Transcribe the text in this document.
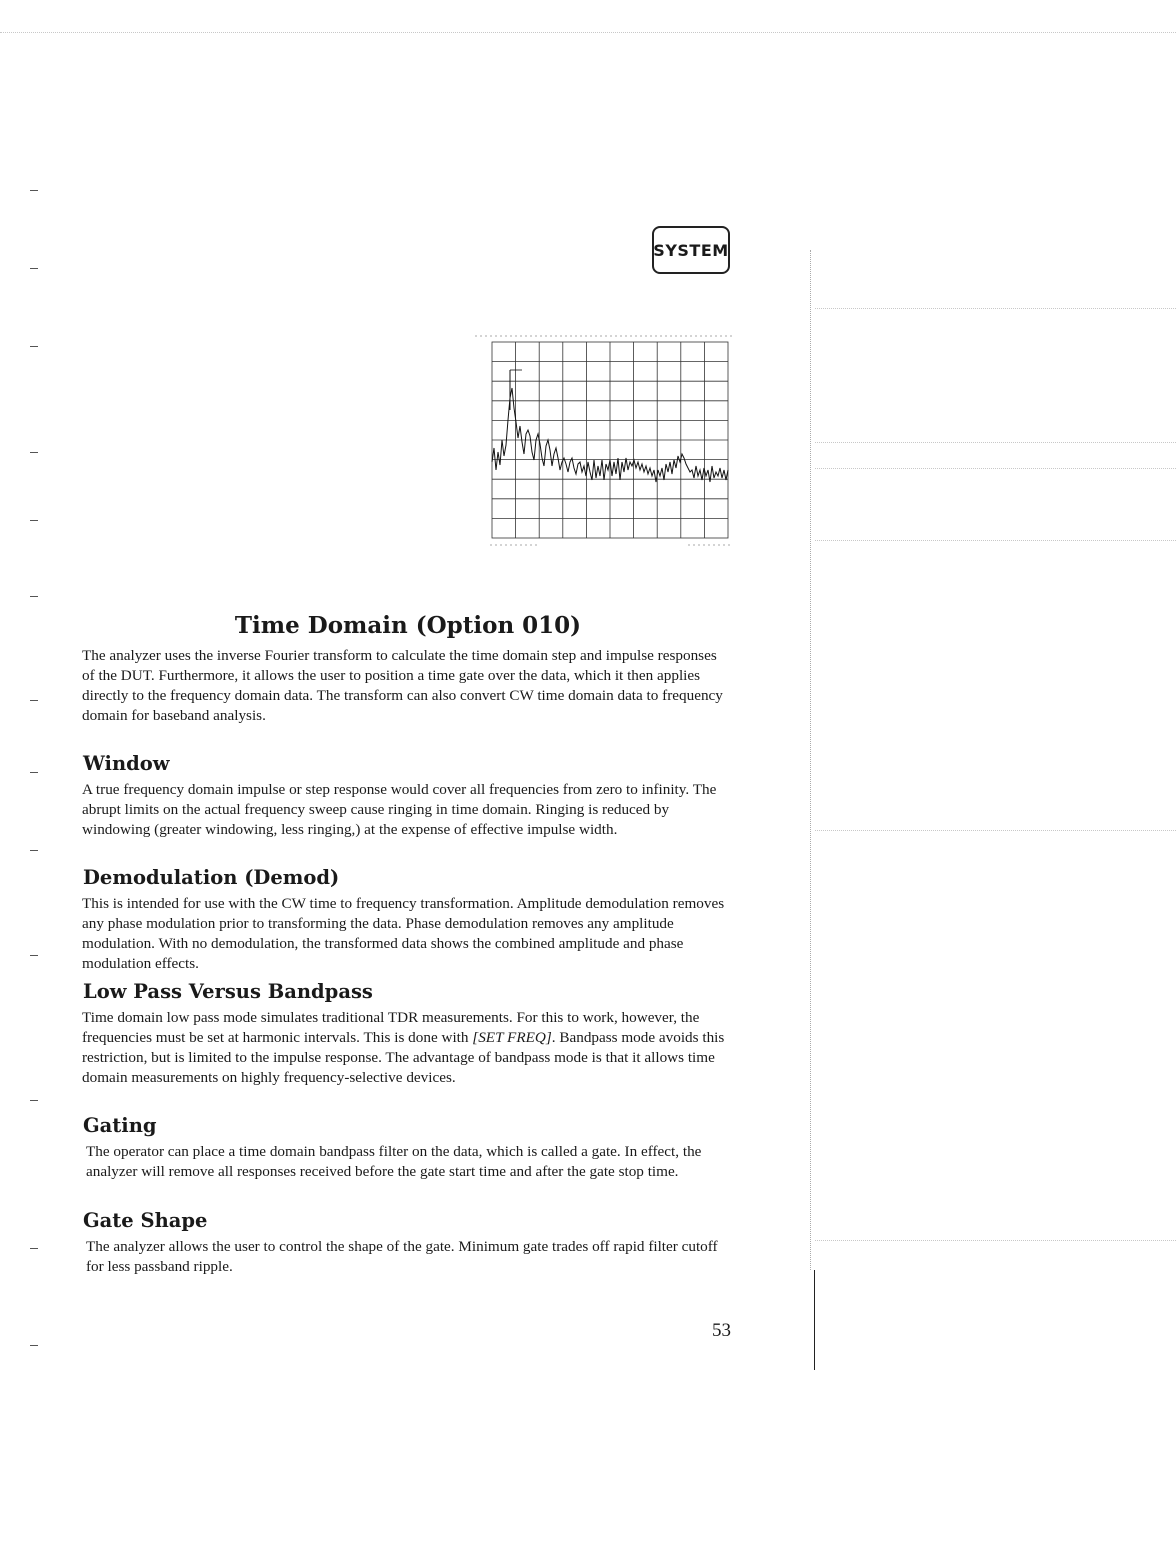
SYSTEM
Time Domain (Option 010)

The analyzer uses the inverse Fourier transform to calculate the time domain step and impulse responses of the DUT. Furthermore, it allows the user to position a time gate over the data, which it then applies directly to the frequency domain data. The transform can also convert CW time domain data to frequency domain for baseband analysis.

Window

A true frequency domain impulse or step response would cover all frequencies from zero to infinity. The abrupt limits on the actual frequency sweep cause ringing in time domain. Ringing is reduced by windowing (greater windowing, less ringing,) at the expense of effective impulse width.

Demodulation (Demod)

This is intended for use with the CW time to frequency transformation. Amplitude demodulation removes any phase modulation prior to transforming the data. Phase demodulation removes any amplitude modulation. With no demodulation, the transformed data shows the combined amplitude and phase modulation effects.

Low Pass Versus Bandpass

Time domain low pass mode simulates traditional TDR measurements. For this to work, however, the frequencies must be set at harmonic intervals. This is done with [SET FREQ]. Bandpass mode avoids this restriction, but is limited to the impulse response. The advantage of bandpass mode is that it allows time domain measurements on highly frequency-selective devices.

Gating

The operator can place a time domain bandpass filter on the data, which is called a gate. In effect, the analyzer will remove all responses received before the gate start time and after the gate stop time.

Gate Shape

The analyzer allows the user to control the shape of the gate. Minimum gate trades off rapid filter cutoff for less passband ripple.

53
